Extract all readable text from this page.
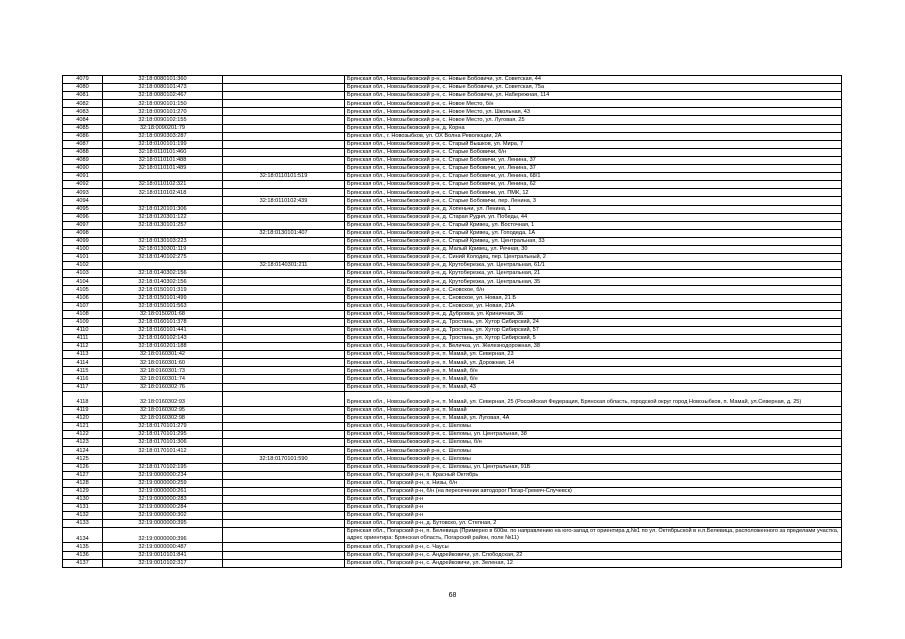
4079	32:18:0080101:360		Брянская обл., Новозыбковский р-н, с. Новые Бобовичи, ул. Советская, 44
4080	32:18:0080101:473		Брянская обл., Новозыбковский р-н, с. Новые Бобовичи, ул. Советская, 75а
4081	32:18:0080102:467		Брянская обл., Новозыбковский р-н, с. Новые Бобовичи, ул. Набережная, 114
4082	32:18:0090101:150		Брянская обл., Новозыбковский р-н, с. Новое Место, б/н
4083	32:18:0090101:270		Брянская обл., Новозыбковский р-н, с. Новое Место, ул. Школьная, 43
4084	32:18:0090102:155		Брянская обл., Новозыбковский р-н, с. Новое Место, ул. Луговая, 25
4085	32:18:0090201:79		Брянская обл., Новозыбковский р-н, д. Корна
4086	32:18:0090303:287		Брянская обл., г. Новозыбков, ул. ОХ Волна Революции, 2А
4087	32:18:0100101:199		Брянская обл., Новозыбковский р-н, с. Старый Вышков, ул. Мира, 7
4088	32:18:0110101:460		Брянская обл., Новозыбковский р-н, с. Старые Бобовичи, б/н
4089	32:18:0110101:488		Брянская обл., Новозыбковский р-н, с. Старые Бобовичи, ул. Ленина, 37
4090	32:18:0110101:489		Брянская обл., Новозыбковский р-н, с. Старые Бобовичи, ул. Ленина, 37
4091		32:18:0110101:519	Брянская обл., Новозыбковский р-н, с. Старые Бобовичи, ул. Ленина, 68/1
4092	32:18:0110102:321		Брянская обл., Новозыбковский р-н, с. Старые Бобовичи, ул. Ленина, 62
4093	32:18:0110102:418		Брянская обл., Новозыбковский р-н, с. Старые Бобовичи, ул. ПМК, 12
4094		32:18:0110102:439	Брянская обл., Новозыбковский р-н, с. Старые Бобовичи, пер. Ленина, 3
4095	32:18:0120101:306		Брянская обл., Новозыбковский р-н, д. Хопеньчи, ул. Ленина, 1
4096	32:18:0120301:122		Брянская обл., Новозыбковский р-н, д. Старая Рудня, ул. Победы, 44
4097	32:18:0130101:257		Брянская обл., Новозыбковский р-н, с. Старый Кривец, ул. Восточная, 1
4098		32:18:0130101:407	Брянская обл., Новозыбковский р-н, с. Старый Кривец, ул. Гоподеда, 1А
4099	32:18:0130103:223		Брянская обл., Новозыбковский р-н, с. Старый Кривец, ул. Центральная, 33
4100	32:18:0130301:119		Брянская обл., Новозыбковский р-н, д. Малый Кривец, ул. Речная, 30
4101	32:18:0140102:275		Брянская обл., Новозыбковский р-н, с. Синий Колодец, пер. Центральный, 2
4102		32:18:0140301:211	Брянская обл., Новозыбковский р-н, д. Крутоберезка, ул. Центральная, 61/1
4103	32:18:0140302:156		Брянская обл., Новозыбковский р-н, д. Крутоберезка, ул. Центральная, 21
4104	32:18:0140302:156		Брянская обл., Новозыбковский р-н, д. Крутоберезка, ул. Центральная, 35
4105	32:18:0150101:319		Брянская обл., Новозыбковский р-н, с. Сновское, б/н
4106	32:18:0150101:499		Брянская обл., Новозыбковский р-н, с. Сновское, ул. Новая, 21 Б
4107	32:18:0150101:563		Брянская обл., Новозыбковский р-н, с. Сновское, ул. Новая, 21А
4108	32:18:0150201:68		Брянская обл., Новозыбковский р-н, д. Дубровка, ул. Криничная, 36
4109	32:18:0160101:378		Брянская обл., Новозыбковский р-н, д. Тростань, ул. Хутор Сибирский, 24
4110	32:18:0160101:441		Брянская обл., Новозыбковский р-н, д. Тростань, ул. Хутор Сибирский, 57
4111	32:18:0160102:143		Брянская обл., Новозыбковский р-н, д. Тростань, ул. Хутор Сибирский, 5
4112	32:18:0160201:188		Брянская обл., Новозыбковский р-н, х. Величка, ул. Железнодорожная, 38
4113	32:18:0160301:42		Брянская обл., Новозыбковский р-н, п. Мамай, ул. Северная, 23
4114	32:18:0160301:60		Брянская обл., Новозыбковский р-н, п. Мамай, ул. Дорожная, 14
4115	32:18:0160301:73		Брянская обл., Новозыбковский р-н, п. Мамай, б/н
4116	32:18:0160301:74		Брянская обл., Новозыбковский р-н, п. Мамай, б/н
4117	32:18:0160302:76		Брянская обл., Новозыбковский р-н, п. Мамай, 43
4118	32:18:0160302:93		Брянская обл., Новозыбковский р-н, п. Мамай, ул. Северная, 25 (Российская Федерация, Брянская область, городской округ город Новозыбков, п. Мамай, ул.Северная, д. 25)
4119	32:18:0160302:95		Брянская обл., Новозыбковский р-н, п. Мамай
4120	32:18:0160302:98		Брянская обл., Новозыбковский р-н, п. Мамай, ул. Луговая, 4А
4121	32:18:0170101:279		Брянская обл., Новозыбковский р-н, с. Шеломы
4122	32:18:0170101:295		Брянская обл., Новозыбковский р-н, с. Шеломы, ул. Центральная, 38
4123	32:18:0170101:306		Брянская обл., Новозыбковский р-н, с. Шеломы, б/н
4124	32:18:0170101:412		Брянская обл., Новозыбковский р-н, с. Шеломы
4125		32:18:0170101:590	Брянская обл., Новозыбковский р-н, с. Шеломы
4126	32:18:0170102:195		Брянская обл., Новозыбковский р-н, с. Шеломы, ул. Центральная, 91Б
4127	32:19:0000000:234		Брянская обл., Погарский р-н, п. Красный Октябрь
4128	32:19:0000000:259		Брянская обл., Погарский р-н, х. Низы, б/н
4129	32:19:0000000:261		Брянская обл., Погарский р-н, б/н (на пересечении автодорог Погар-Гремяч-Случевск)
4130	32:19:0000000:283		Брянская обл., Погарский р-н
4131	32:19:0000000:284		Брянская обл., Погарский р-н
4132	32:19:0000000:302		Брянская обл., Погарский р-н
4133	32:19:0000000:395		Брянская обл., Погарский р-н, д. Бутовско, ул. Степная, 2
4134	32:19:0000000:396		Брянская обл., Погарский р-н, п. Белевица (Примерно в 600м. по направлению на юго-запад от ориентира д.№1 по ул. Октябрьской в н.п.Белевица, расположенного за пределами участка, адрес ориентира: Брянская область, Погарский район, поле №11)
4135	32:19:0000000:487		Брянская обл., Погарский р-н, с. Чаусы
4136	32:19:0010101:841		Брянская обл., Погарский р-н, с. Андрейковичи, ул. Слободская, 22
4137	32:19:0010102:317		Брянская обл., Погарский р-н, с. Андрейковичи, ул. Зеленая, 12
68
